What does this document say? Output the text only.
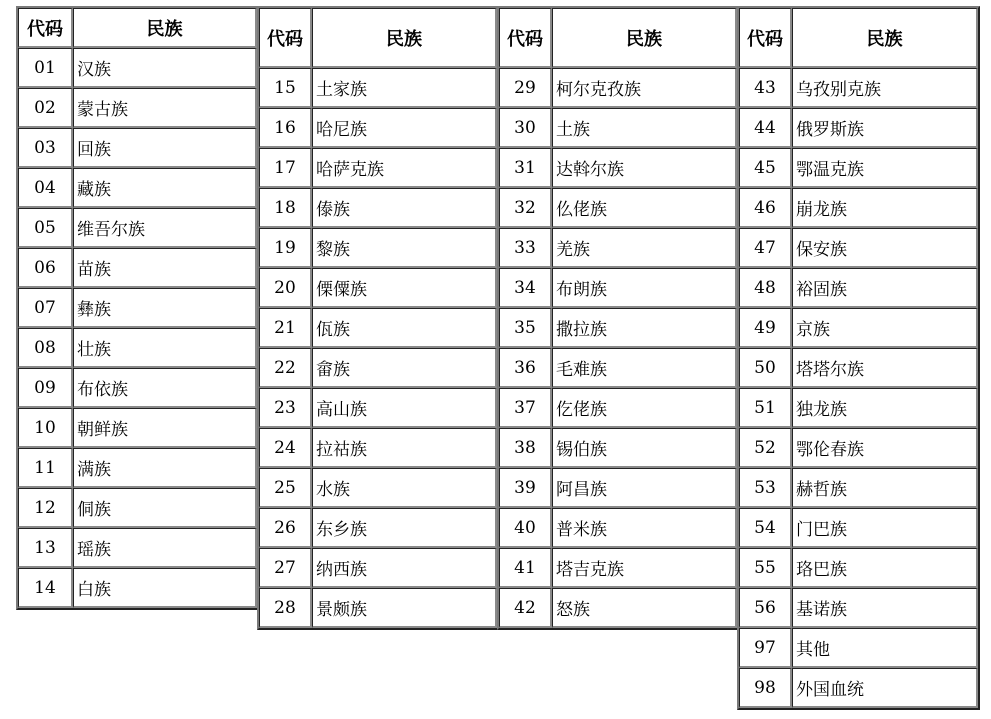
代码	民族
01	汉族
02	蒙古族
03	回族
04	藏族
05	维吾尔族
06	苗族
07	彝族
08	壮族
09	布依族
10	朝鲜族
11	满族
12	侗族
13	瑶族
14	白族
代码	民族
15	土家族
16	哈尼族
17	哈萨克族
18	傣族
19	黎族
20	傈僳族
21	佤族
22	畲族
23	高山族
24	拉祜族
25	水族
26	东乡族
27	纳西族
28	景颇族
代码	民族
29	柯尔克孜族
30	土族
31	达斡尔族
32	仫佬族
33	羌族
34	布朗族
35	撒拉族
36	毛难族
37	仡佬族
38	锡伯族
39	阿昌族
40	普米族
41	塔吉克族
42	怒族
代码	民族
43	乌孜别克族
44	俄罗斯族
45	鄂温克族
46	崩龙族
47	保安族
48	裕固族
49	京族
50	塔塔尔族
51	独龙族
52	鄂伦春族
53	赫哲族
54	门巴族
55	珞巴族
56	基诺族
97	其他
98	外国血统
